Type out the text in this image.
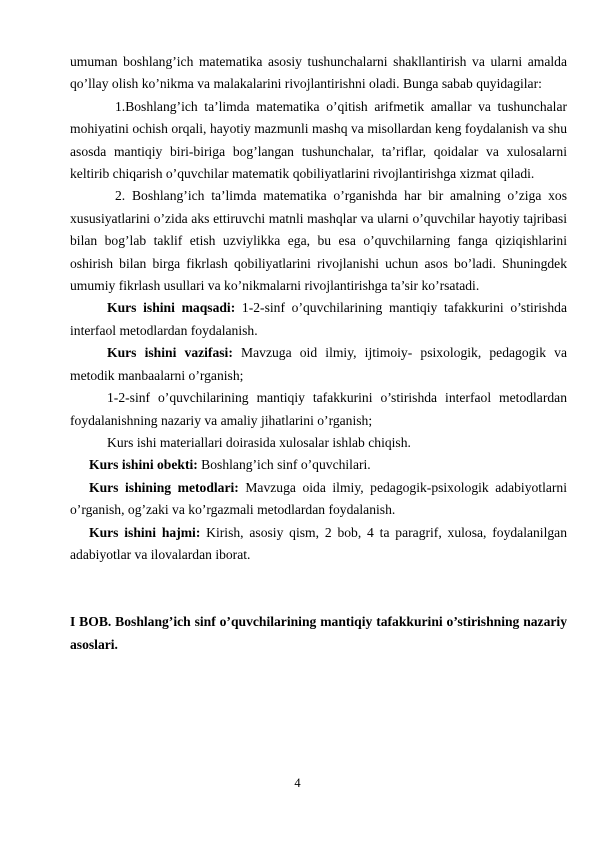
umuman boshlang’ich matematika asosiy tushunchalarni shakllantirish va ularni amalda qo’llay olish ko’nikma va malakalarini rivojlantirishni oladi. Bunga sabab quyidagilar:

1.Boshlang’ich ta’limda matematika o’qitish arifmetik amallar va tushunchalar mohiyatini ochish orqali, hayotiy mazmunli mashq va misollardan keng foydalanish va shu asosda mantiqiy biri-biriga bog’langan tushunchalar, ta’riflar, qoidalar va xulosalarni keltirib chiqarish o’quvchilar matematik qobiliyatlarini rivojlantirishga xizmat qiladi.

2. Boshlang’ich ta’limda matematika o’rganishda har bir amalning o’ziga xos xususiyatlarini o’zida aks ettiruvchi matnli mashqlar va ularni o’quvchilar hayotiy tajribasi bilan bog’lab taklif etish uzviylikka ega, bu esa o’quvchilarning fanga qiziqishlarini oshirish bilan birga fikrlash qobiliyatlarini rivojlanishi uchun asos bo’ladi. Shuningdek umumiy fikrlash usullari va ko’nikmalarni rivojlantirishga ta’sir ko’rsatadi.

Kurs ishini maqsadi: 1-2-sinf o’quvchilarining mantiqiy tafakkurini o’stirishda interfaol metodlardan foydalanish.

Kurs ishini vazifasi: Mavzuga oid ilmiy, ijtimoiy- psixologik, pedagogik va metodik manbaalarni o’rganish;

1-2-sinf o’quvchilarining mantiqiy tafakkurini o’stirishda interfaol metodlardan foydalanishning nazariy va amaliy jihatlarini o’rganish;

Kurs ishi materiallari doirasida xulosalar ishlab chiqish.

Kurs ishini obekti: Boshlang’ich sinf o’quvchilari.

Kurs ishining metodlari: Mavzuga oida ilmiy, pedagogik-psixologik adabiyotlarni o’rganish, og’zaki va ko’rgazmali metodlardan foydalanish.

Kurs ishini hajmi: Kirish, asosiy qism, 2 bob, 4 ta paragrif, xulosa, foydalanilgan adabiyotlar va ilovalardan iborat.

I BOB. Boshlang’ich sinf o’quvchilarining mantiqiy tafakkurini o’stirishning nazariy asoslari.

4
